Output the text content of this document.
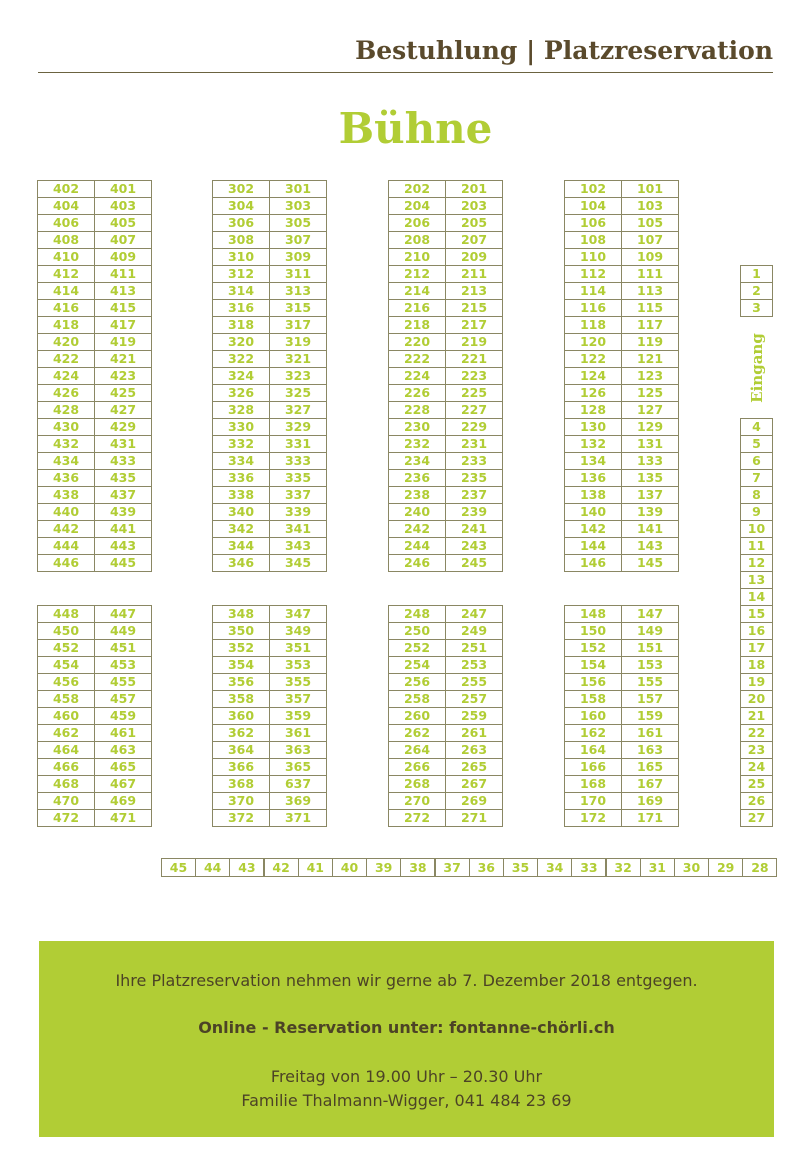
Bestuhlung | Platzreservation
Bühne
402	401
404	403
406	405
408	407
410	409
412	411
414	413
416	415
418	417
420	419
422	421
424	423
426	425
428	427
430	429
432	431
434	433
436	435
438	437
440	439
442	441
444	443
446	445
448	447
450	449
452	451
454	453
456	455
458	457
460	459
462	461
464	463
466	465
468	467
470	469
472	471
302	301
304	303
306	305
308	307
310	309
312	311
314	313
316	315
318	317
320	319
322	321
324	323
326	325
328	327
330	329
332	331
334	333
336	335
338	337
340	339
342	341
344	343
346	345
348	347
350	349
352	351
354	353
356	355
358	357
360	359
362	361
364	363
366	365
368	637
370	369
372	371
202	201
204	203
206	205
208	207
210	209
212	211
214	213
216	215
218	217
220	219
222	221
224	223
226	225
228	227
230	229
232	231
234	233
236	235
238	237
240	239
242	241
244	243
246	245
248	247
250	249
252	251
254	253
256	255
258	257
260	259
262	261
264	263
266	265
268	267
270	269
272	271
102	101
104	103
106	105
108	107
110	109
112	111
114	113
116	115
118	117
120	119
122	121
124	123
126	125
128	127
130	129
132	131
134	133
136	135
138	137
140	139
142	141
144	143
146	145
148	147
150	149
152	151
154	153
156	155
158	157
160	159
162	161
164	163
166	165
168	167
170	169
172	171
1
2
3
4
5
6
7
8
9
10
11
12
13
14
15
16
17
18
19
20
21
22
23
24
25
26
27
45	44	43	42	41	40	39	38	37	36	35	34	33	32	31	30	29	28
Eingang
Ihre Platzreservation nehmen wir gerne ab 7. Dezember 2018 entgegen.
Online - Reservation unter: fontanne-chörli.ch
Freitag von 19.00 Uhr – 20.30 Uhr
Familie Thalmann-Wigger, 041 484 23 69
